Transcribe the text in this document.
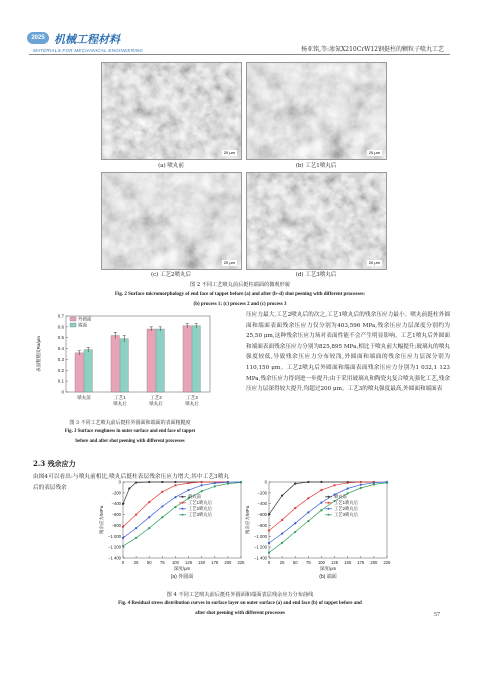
2025 机械工程材料
MATERIALS FOR MECHANICAL ENGINEERING	杨亚铭,等:渗氮X210CrW12钢挺柱的颗粒子喷丸工艺
20 μm	20 μm
(a) 喷丸前	(b) 工艺1喷丸后
20 μm	20 μm
(c) 工艺2喷丸后	(d) 工艺3喷丸后
图 2 不同工艺喷丸前后挺柱端面的微观形貌
Fig. 2 Surface micromorphology of end face of tappet before (a) and after (b–d) shot peening with different processes:
(b) process 1; (c) process 2 and (c) process 3
0
0.1
0.2
0.3
0.4
0.5
0.6
0.7
表面粗糙度Ra/μm
喷丸前	工艺1
喷丸后
工艺2
喷丸后
工艺3
喷丸后
外圆面
端面
图 3 不同工艺喷丸前后挺柱外圆面和端面的表面粗糙度
Fig. 3 Surface roughness in outer surface and end face of tappet
before and after shot peening with different processes
2.3 残余应力

由图4可以看出:与喷丸前相比,喷丸后挺柱表层残余压应力增大,其中工艺3喷丸后的表层残余

压应力最大,工艺2喷丸后的次之,工艺1喷丸后的残余压应力最小。喷丸前挺柱外圆面和端面表面残余压应力仅分别为403,596 MPa,残余压应力层深度分别约为25,50 μm,这种残余压应力场对表面性能不会产生明显影响。工艺1喷丸后外圆面和端面表面残余压应力分别为825,895 MPa,相比于喷丸前大幅提升;玻璃丸的喷丸强度较低,导致残余压应力分布较浅,外圆面和端面的残余压应力层深分别为110,150 μm。工艺2喷丸后外圆面和端面表面残余压应力分别为1 032,1 123 MPa,残余压应力得到进一步提升;由于采用玻璃丸和陶瓷丸复合喷丸强化工艺,残余压应力层深得较大提升,均超过200 μm。工艺3的喷丸强度最高,外圆面和端面表

0
−200
−400
−600
−800
−1 000
−1 200
−1 400
0 25 50 75 100 125 150 175 200 225
深度/μm
残余应力/MPa
(a) 外圆面
喷丸前
工艺1喷丸后
工艺2喷丸后
工艺3喷丸后
0
−200
−400
−600
−800
−1 000
−1 200
−1 400
0 25 50 75 100 125 150 175 200 225
深度/μm
残余应力/MPa
(b) 端面
喷丸前
工艺1喷丸后
工艺2喷丸后
工艺3喷丸后
图 4 不同工艺喷丸前后挺柱外圆面和端面表层残余应力分布曲线
Fig. 4 Residual stress distribution curves in surface layer on outer surface (a) and end face (b) of tappet before and
after shot peening with different processes	57
